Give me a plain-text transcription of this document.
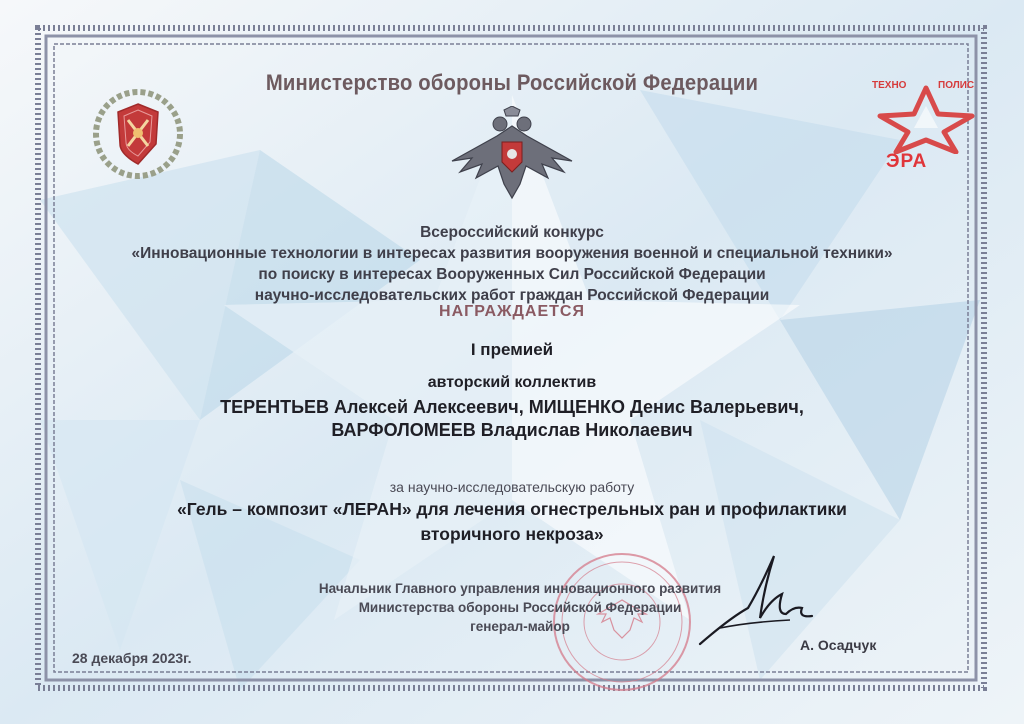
ТЕХНО	ПОЛИС
ЭРА

Министерство обороны Российской Федерации

Всероссийский конкурс

«Инновационные технологии в интересах развития вооружения военной и специальной техники»

по поиску в интересах Вооруженных Сил Российской Федерации

научно-исследовательских работ граждан Российской Федерации

НАГРАЖДАЕТСЯ

I премией

авторский коллектив

ТЕРЕНТЬЕВ Алексей Алексеевич, МИЩЕНКО Денис Валерьевич,

ВАРФОЛОМЕЕВ Владислав Николаевич

за научно-исследовательскую работу

«Гель – композит «ЛЕРАН» для лечения огнестрельных ран и профилактики

вторичного некроза»

Начальник Главного управления инновационного развития

Министерства обороны Российской Федерации

генерал-майор

А. Осадчук
28 декабря 2023г.
